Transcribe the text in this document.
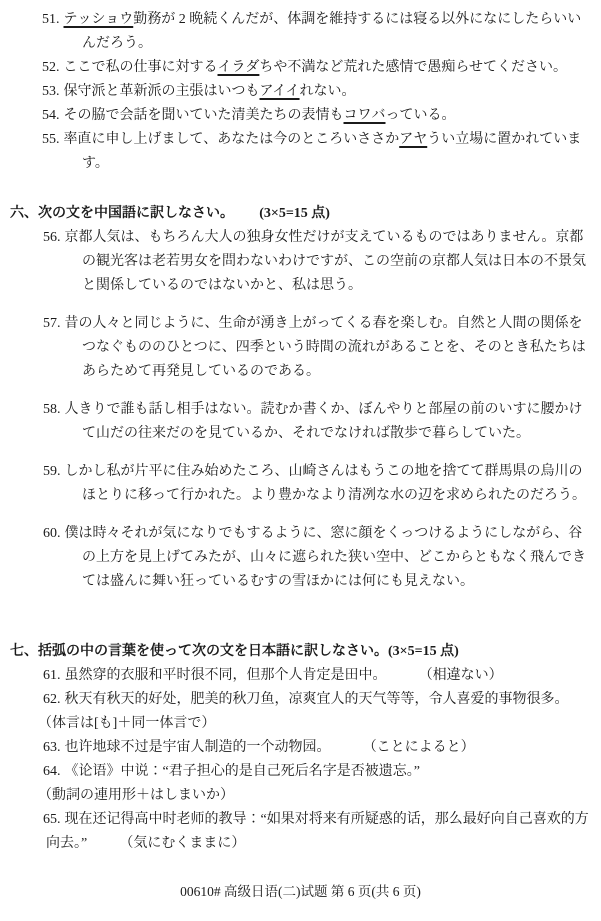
51. テッショウ勤務が 2 晩続くんだが、体調を維持するには寝る以外になにしたらいいんだろう。
52. ここで私の仕事に対するイラダちや不満など荒れた感情で愚痴らせてください。
53. 保守派と革新派の主張はいつもアイイれない。
54. その脇で会話を聞いていた清美たちの表情もコワバっている。
55. 率直に申し上げまして、あなたは今のところいささかアヤうい立場に置かれています。
六、次の文を中国語に訳しなさい。 (3×5=15 点)
56. 京都人気は、もちろん大人の独身女性だけが支えているものではありません。京都の観光客は老若男女を問わないわけですが、この空前の京都人気は日本の不景気と関係しているのではないかと、私は思う。
57. 昔の人々と同じように、生命が湧き上がってくる春を楽しむ。自然と人間の関係をつなぐもののひとつに、四季という時間の流れがあることを、そのとき私たちはあらためて再発見しているのである。
58. 人きりで誰も話し相手はない。読むか書くか、ぼんやりと部屋の前のいすに腰かけて山だの往来だのを見ているか、それでなければ散歩で暮らしていた。
59. しかし私が片平に住み始めたころ、山崎さんはもうこの地を捨てて群馬県の烏川のほとりに移って行かれた。より豊かなより清冽な水の辺を求められたのだろう。
60. 僕は時々それが気になりでもするように、窓に顔をくっつけるようにしながら、谷の上方を見上げてみたが、山々に遮られた狭い空中、どこからともなく飛んできては盛んに舞い狂っているむすの雪ほかには何にも見えない。
七、括弧の中の言葉を使って次の文を日本語に訳しなさい。(3×5=15 点)
61. 虽然穿的衣服和平时很不同，但那个人肯定是田中。	（相違ない）
62. 秋天有秋天的好处，肥美的秋刀鱼，凉爽宜人的天气等等，令人喜爱的事物很多。
（体言は[も]＋同一体言で）
63. 也许地球不过是宇宙人制造的一个动物园。	（ことによると）
64. 《论语》中说：“君子担心的是自己死后名字是否被遗忘。”
（動詞の連用形＋はしまいか）
65. 现在还记得高中时老师的教导：“如果对将来有所疑惑的话，那么最好向自己喜欢的方向去。”	（気にむくままに）
00610# 高级日语(二)试题 第 6 页(共 6 页)
